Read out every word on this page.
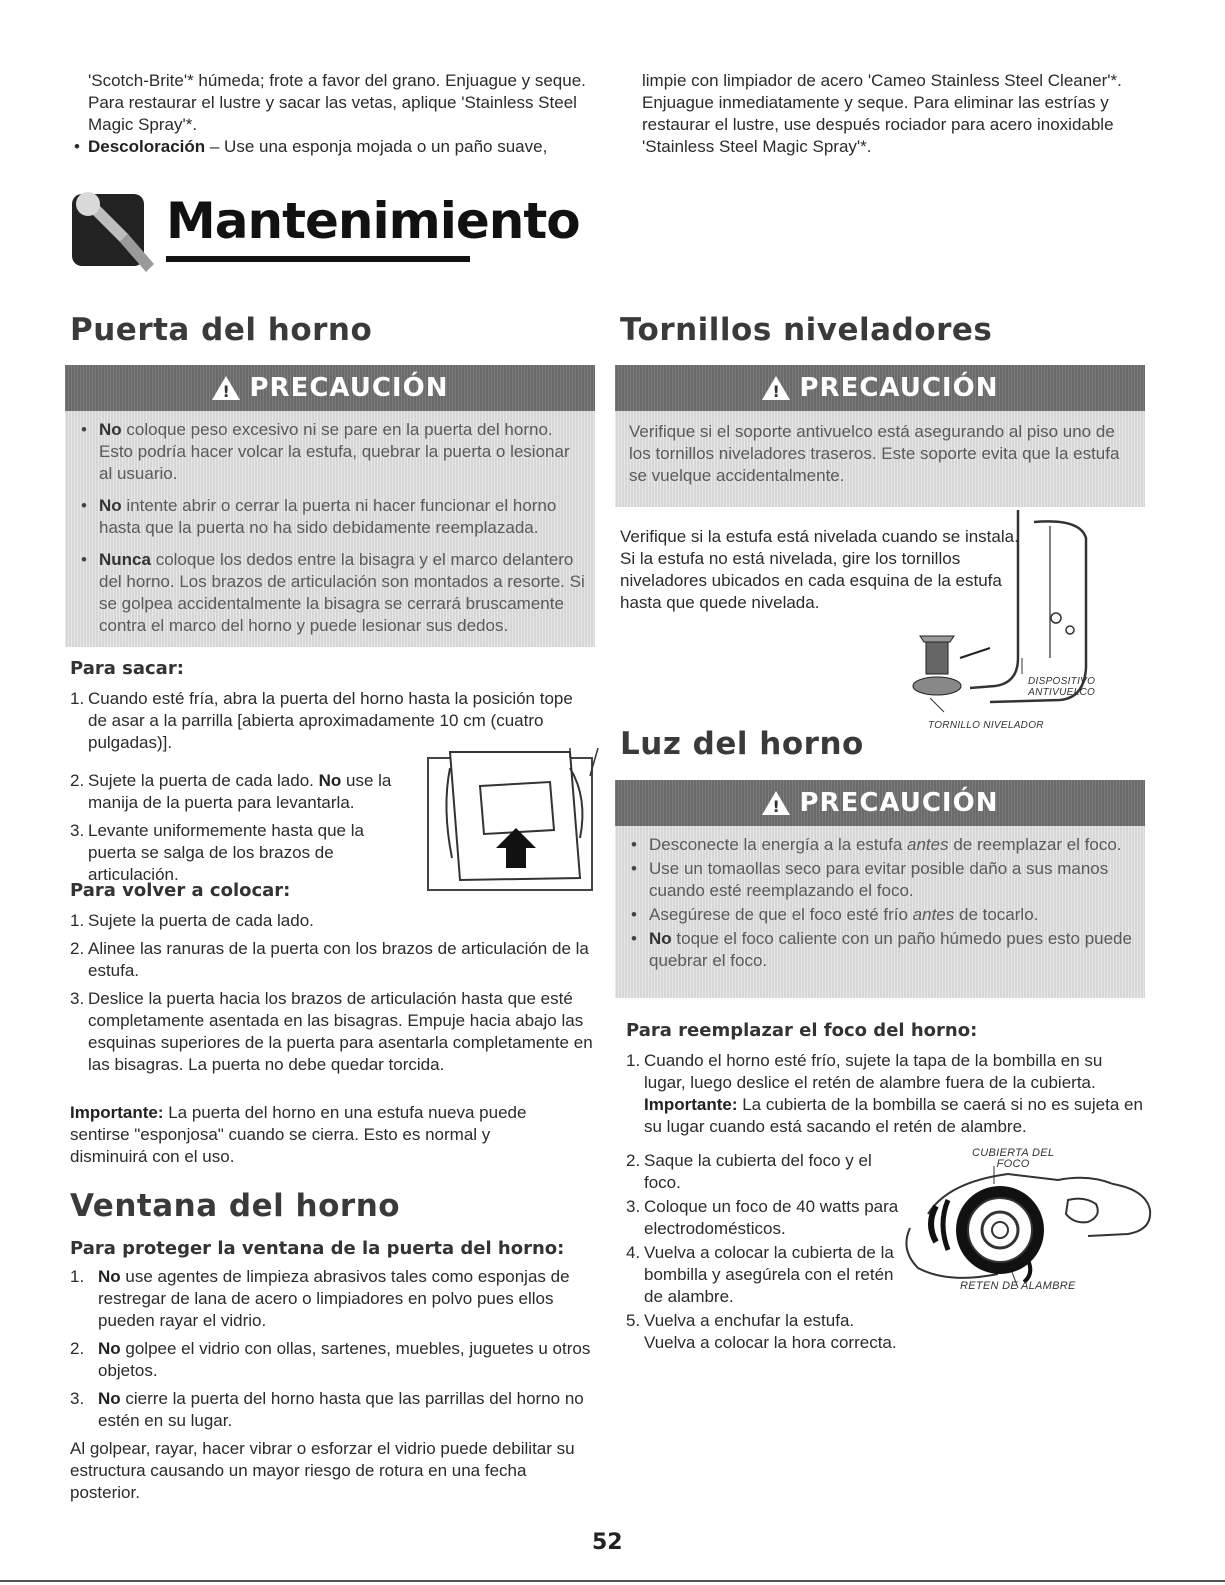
'Scotch-Brite'* húmeda; frote a favor del grano. Enjuague y seque.
Para restaurar el lustre y sacar las vetas, aplique 'Stainless Steel
Magic Spray'*.
• Descoloración – Use una esponja mojada o un paño suave,
limpie con limpiador de acero 'Cameo Stainless Steel Cleaner'*.
Enjuague inmediatamente y seque. Para eliminar las estrías y
restaurar el lustre, use después rociador para acero inoxidable
'Stainless Steel Magic Spray'*.
Mantenimiento
Puerta del horno
! PRECAUCIÓN
• No coloque peso excesivo ni se pare en la puerta del horno. Esto podría hacer volcar la estufa, quebrar la puerta o lesionar al usuario.
• No intente abrir o cerrar la puerta ni hacer funcionar el horno hasta que la puerta no ha sido debidamente reemplazada.
• Nunca coloque los dedos entre la bisagra y el marco delantero del horno. Los brazos de articulación son montados a resorte. Si se golpea accidentalmente la bisagra se cerrará bruscamente contra el marco del horno y puede lesionar sus dedos.
Para sacar:
1. Cuando esté fría, abra la puerta del horno hasta la posición tope de asar a la parrilla [abierta aproximadamente 10 cm (cuatro pulgadas)].
2. Sujete la puerta de cada lado. No use la manija de la puerta para levantarla.
3. Levante uniformemente hasta que la puerta se salga de los brazos de articulación.
Para volver a colocar:
1. Sujete la puerta de cada lado.
2. Alinee las ranuras de la puerta con los brazos de articulación de la estufa.
3. Deslice la puerta hacia los brazos de articulación hasta que esté completamente asentada en las bisagras. Empuje hacia abajo las esquinas superiores de la puerta para asentarla completamente en las bisagras. La puerta no debe quedar torcida.
Importante: La puerta del horno en una estufa nueva puede sentirse "esponjosa" cuando se cierra. Esto es normal y disminuirá con el uso.
Ventana del horno
Para proteger la ventana de la puerta del horno:
1. No use agentes de limpieza abrasivos tales como esponjas de restregar de lana de acero o limpiadores en polvo pues ellos pueden rayar el vidrio.
2. No golpee el vidrio con ollas, sartenes, muebles, juguetes u otros objetos.
3. No cierre la puerta del horno hasta que las parrillas del horno no estén en su lugar.
Al golpear, rayar, hacer vibrar o esforzar el vidrio puede debilitar su estructura causando un mayor riesgo de rotura en una fecha posterior.
Tornillos niveladores
! PRECAUCIÓN

Verifique si el soporte antivuelco está asegurando al piso uno de los tornillos niveladores traseros. Este soporte evita que la estufa se vuelque accidentalmente.

Verifique si la estufa está nivelada cuando se instala. Si la estufa no está nivelada, gire los tornillos niveladores ubicados en cada esquina de la estufa hasta que quede nivelada.
DISPOSITIVO
ANTIVUELCO
TORNILLO NIVELADOR
Luz del horno
! PRECAUCIÓN
• Desconecte la energía a la estufa antes de reemplazar el foco.
• Use un tomaollas seco para evitar posible daño a sus manos cuando esté reemplazando el foco.
• Asegúrese de que el foco esté frío antes de tocarlo.
• No toque el foco caliente con un paño húmedo pues esto puede quebrar el foco.
Para reemplazar el foco del horno:
1. Cuando el horno esté frío, sujete la tapa de la bombilla en su lugar, luego deslice el retén de alambre fuera de la cubierta. Importante: La cubierta de la bombilla se caerá si no es sujeta en su lugar cuando está sacando el retén de alambre.
2. Saque la cubierta del foco y el foco.
3. Coloque un foco de 40 watts para electrodomésticos.
4. Vuelva a colocar la cubierta de la bombilla y asegúrela con el retén de alambre.
5. Vuelva a enchufar la estufa. Vuelva a colocar la hora correcta.
CUBIERTA DEL
FOCO
RETEN DE ALAMBRE
52
